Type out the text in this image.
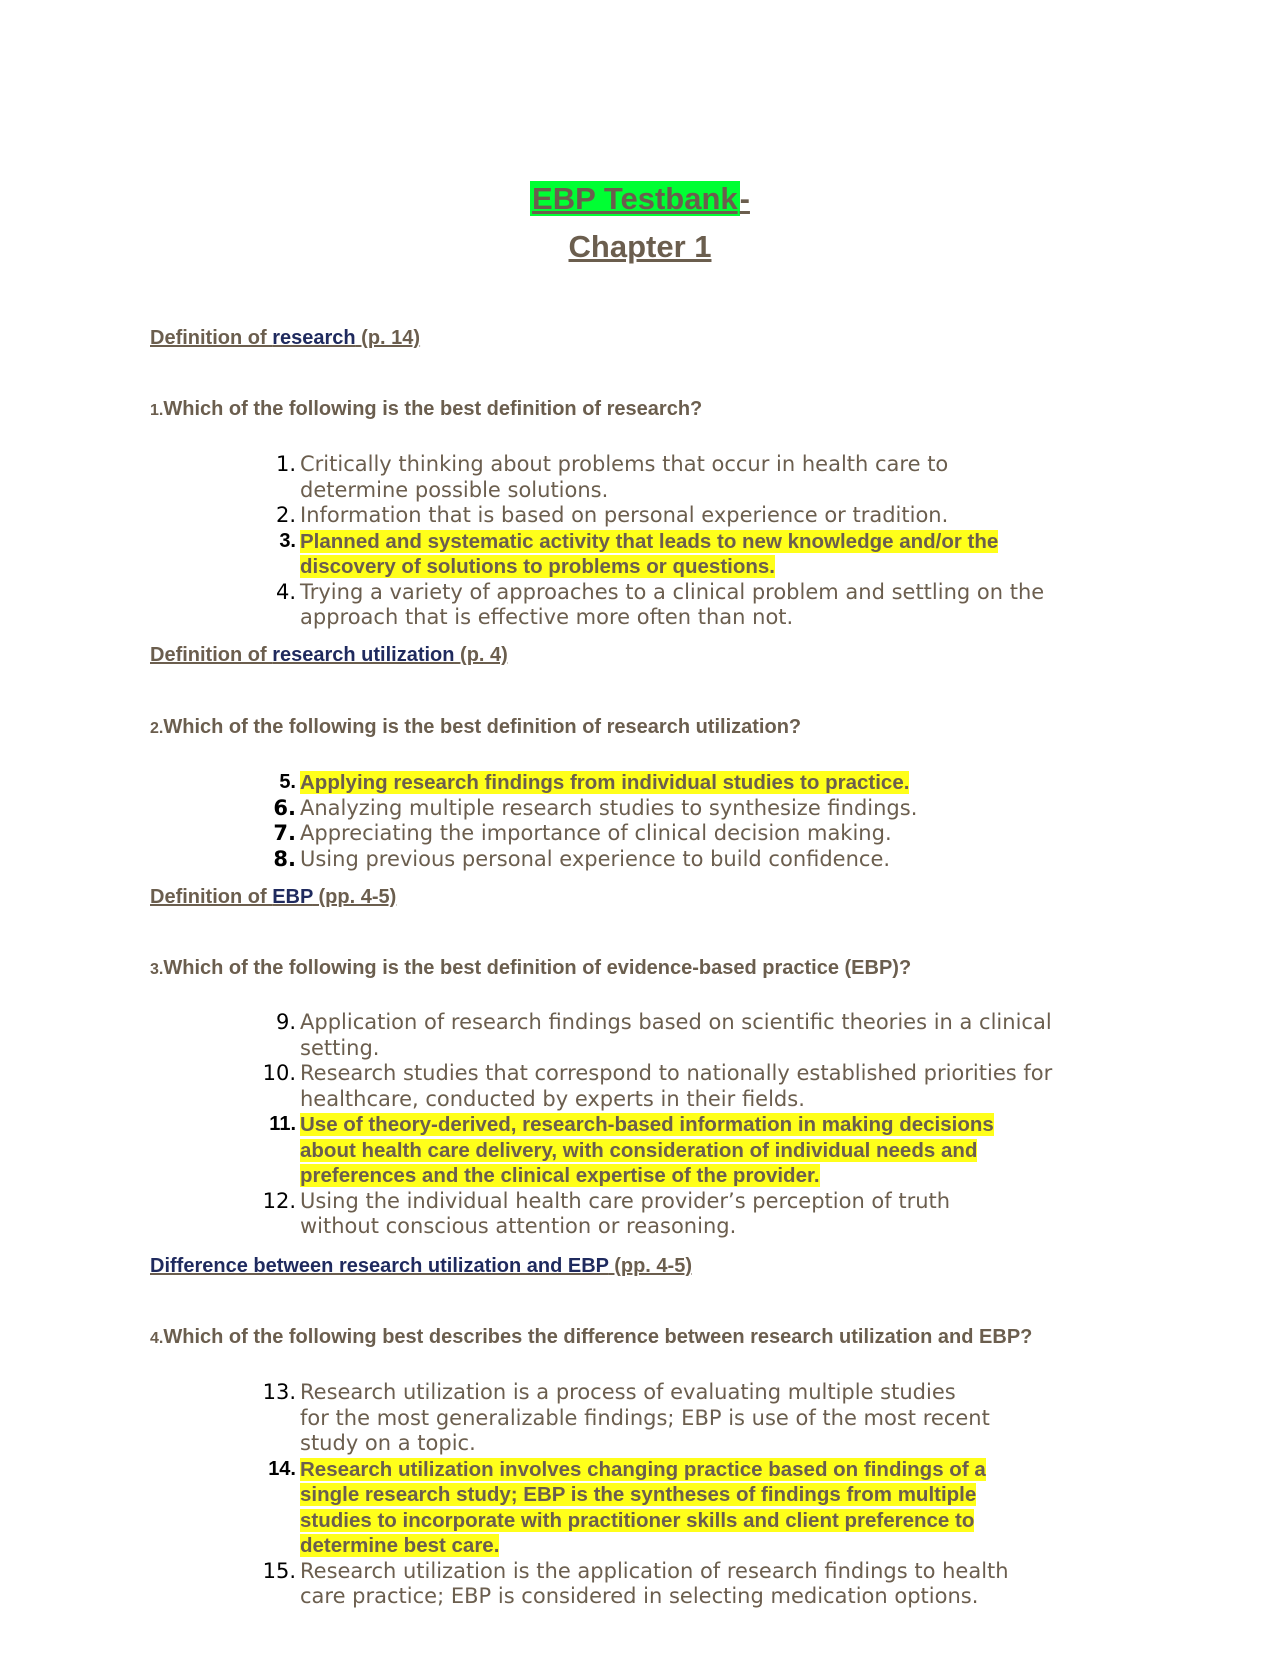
EBP Testbank-
Chapter 1
Definition of research (p. 14)
1.Which of the following is the best definition of research?
1. Critically thinking about problems that occur in health care to
determine possible solutions.
2. Information that is based on personal experience or tradition.
3. Planned and systematic activity that leads to new knowledge and/or the
discovery of solutions to problems or questions.
4. Trying a variety of approaches to a clinical problem and settling on the
approach that is effective more often than not.
Definition of research utilization (p. 4)
2.Which of the following is the best definition of research utilization?
5. Applying research findings from individual studies to practice.
6. Analyzing multiple research studies to synthesize findings.
7. Appreciating the importance of clinical decision making.
8. Using previous personal experience to build confidence.
Definition of EBP (pp. 4-5)
3.Which of the following is the best definition of evidence-based practice (EBP)?
9. Application of research findings based on scientific theories in a clinical
setting.
10. Research studies that correspond to nationally established priorities for
healthcare, conducted by experts in their fields.
11. Use of theory-derived, research-based information in making decisions
about health care delivery, with consideration of individual needs and
preferences and the clinical expertise of the provider.
12. Using the individual health care provider’s perception of truth
without conscious attention or reasoning.
Difference between research utilization and EBP (pp. 4-5)
4.Which of the following best describes the difference between research utilization and EBP?
13. Research utilization is a process of evaluating multiple studies
for the most generalizable findings; EBP is use of the most recent
study on a topic.
14. Research utilization involves changing practice based on findings of a
single research study; EBP is the syntheses of findings from multiple
studies to incorporate with practitioner skills and client preference to
determine best care.
15. Research utilization is the application of research findings to health
care practice; EBP is considered in selecting medication options.
